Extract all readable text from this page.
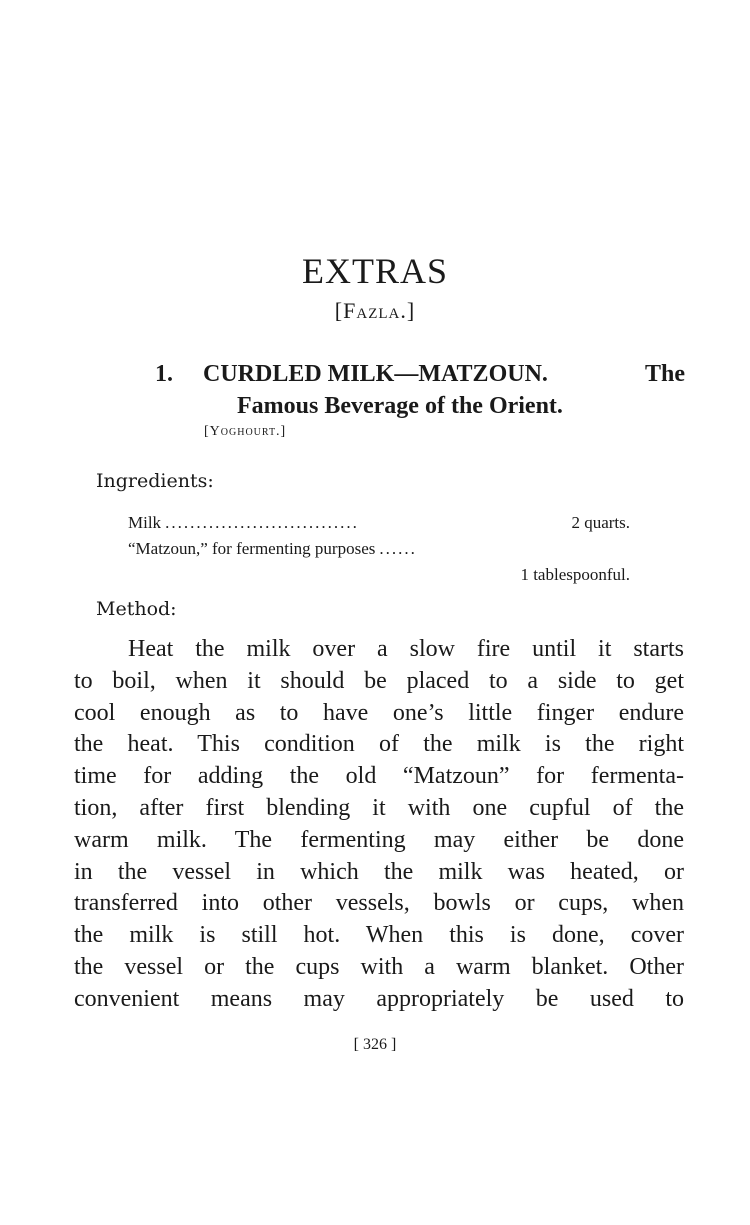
EXTRAS
[Fazla.]
1. CURDLED MILK—MATZOUN.	The
Famous Beverage of the Orient.
[Yoghourt.]
Ingredients:
Milk ...............................	2 quarts.
“Matzoun,” for fermenting purposes ......
1 tablespoonful.
Method:
Heat the milk over a slow fire until it starts
to boil, when it should be placed to a side to get
cool enough as to have one’s little finger endure
the heat. This condition of the milk is the right
time for adding the old “Matzoun” for fermenta-
tion, after first blending it with one cupful of the
warm milk. The fermenting may either be done
in the vessel in which the milk was heated, or
transferred into other vessels, bowls or cups, when
the milk is still hot. When this is done, cover
the vessel or the cups with a warm blanket. Other
convenient means may appropriately be used to
[ 326 ]
